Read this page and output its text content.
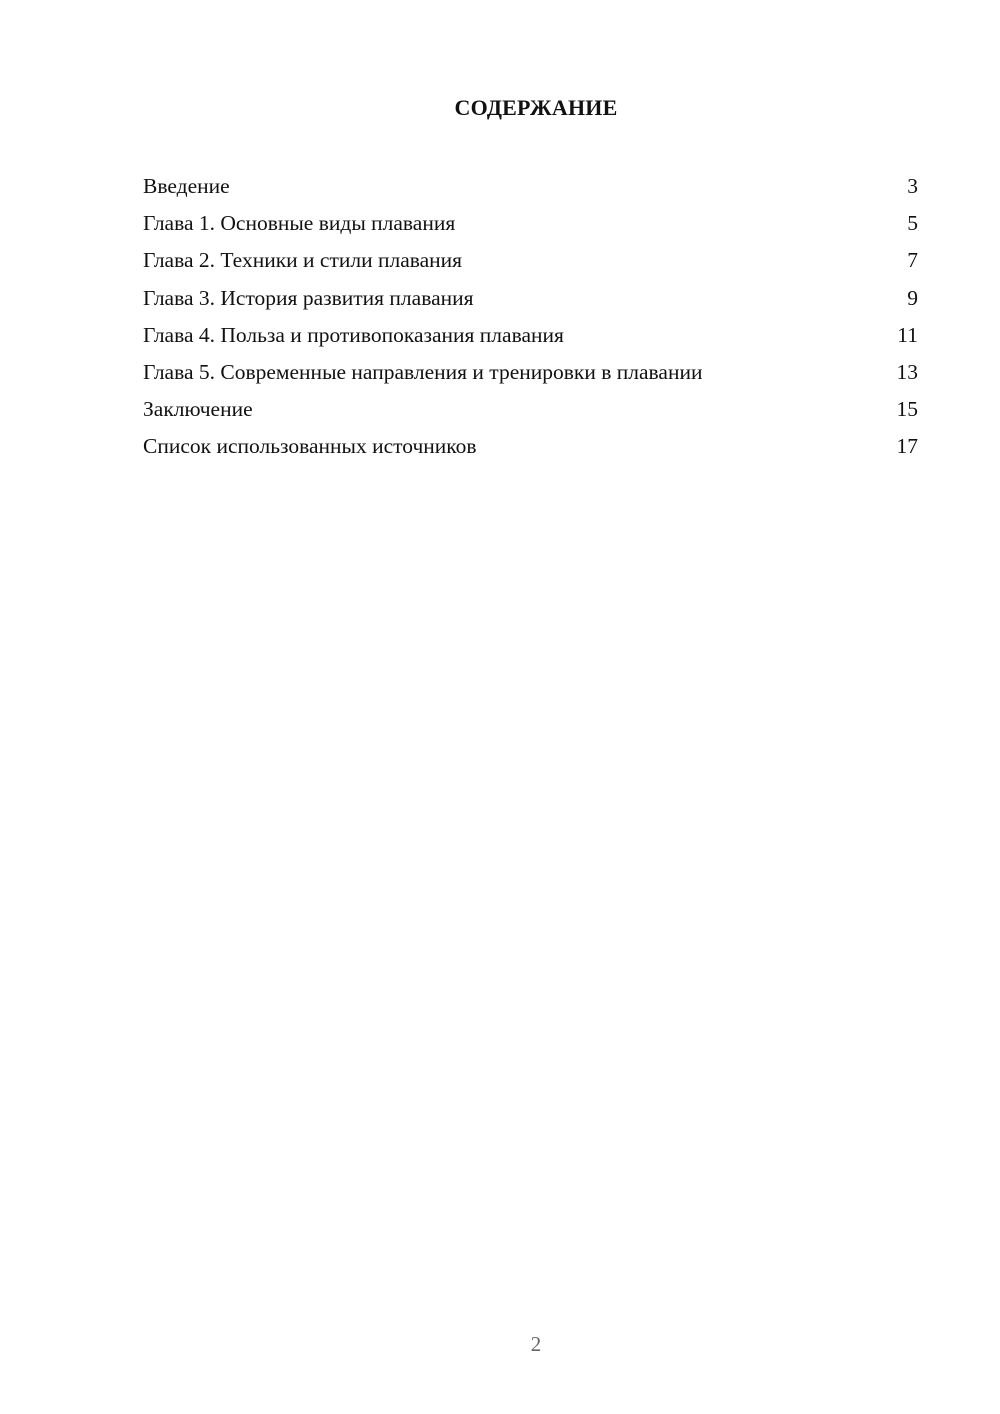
СОДЕРЖАНИЕ
Введение	3
Глава 1. Основные виды плавания	5
Глава 2. Техники и стили плавания	7
Глава 3. История развития плавания	9
Глава 4. Польза и противопоказания плавания	11
Глава 5. Современные направления и тренировки в плавании	13
Заключение	15
Список использованных источников	17
2
